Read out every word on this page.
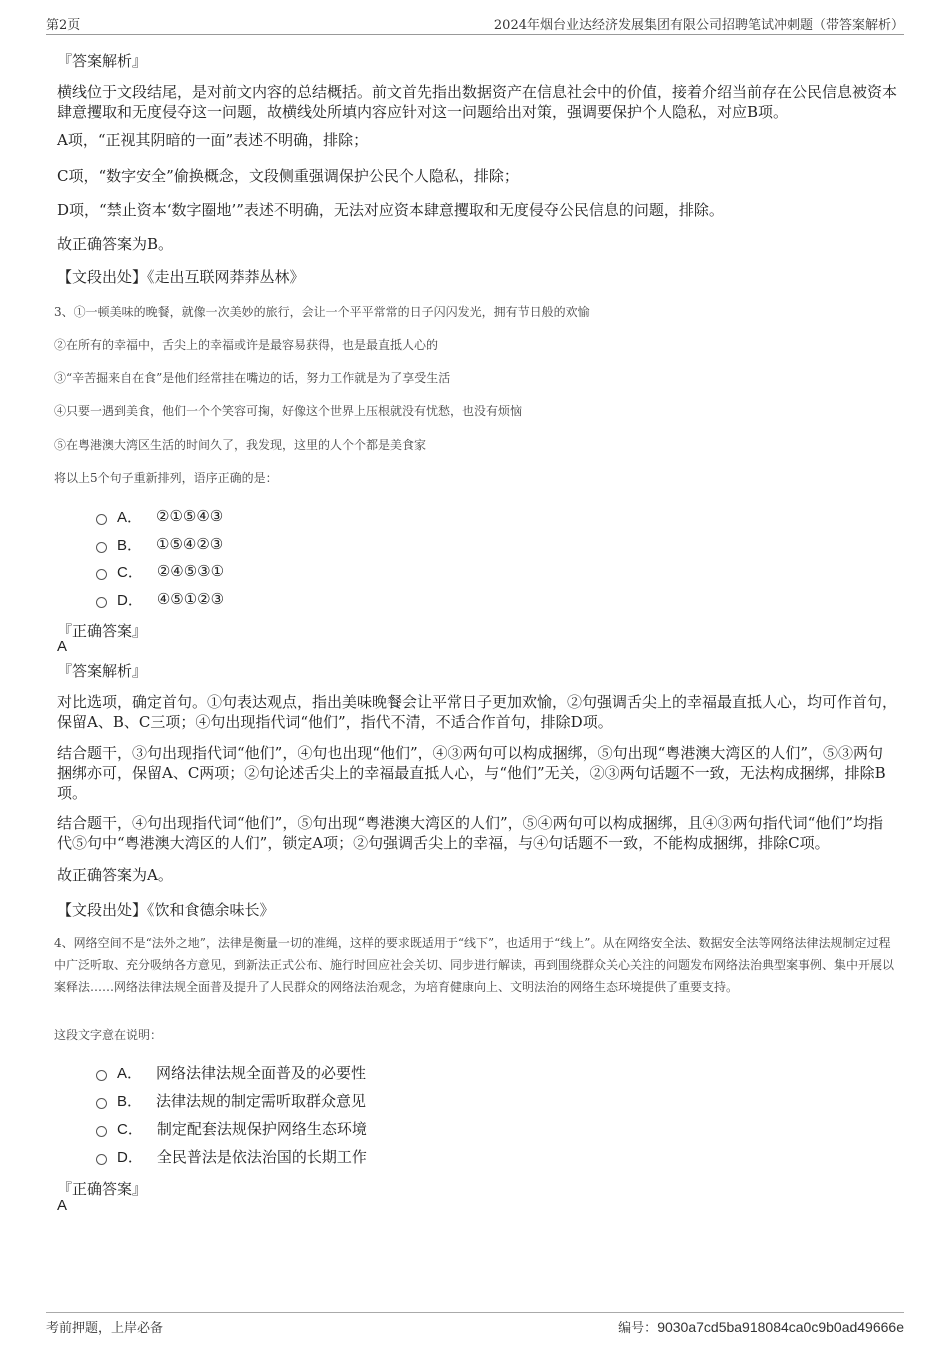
第2页	2024年烟台业达经济发展集团有限公司招聘笔试冲刺题（带答案解析）
『答案解析』
横线位于文段结尾，是对前文内容的总结概括。前文首先指出数据资产在信息社会中的价值，接着介绍当前存在公民信息被资本肆意攫取和无度侵夺这一问题，故横线处所填内容应针对这一问题给出对策，强调要保护个人隐私，对应B项。
A项，“正视其阴暗的一面”表述不明确，排除；
C项，“数字安全”偷换概念，文段侧重强调保护公民个人隐私，排除；
D项，“禁止资本‘数字圈地’”表述不明确，无法对应资本肆意攫取和无度侵夺公民信息的问题，排除。
故正确答案为B。
【文段出处】《走出互联网莽莽丛林》
3、①一顿美味的晚餐，就像一次美妙的旅行，会让一个平平常常的日子闪闪发光，拥有节日般的欢愉
②在所有的幸福中，舌尖上的幸福或许是最容易获得，也是最直抵人心的
③“辛苦掘来自在食”是他们经常挂在嘴边的话，努力工作就是为了享受生活
④只要一遇到美食，他们一个个笑容可掬，好像这个世界上压根就没有忧愁，也没有烦恼
⑤在粤港澳大湾区生活的时间久了，我发现，这里的人个个都是美食家
将以上5个句子重新排列，语序正确的是：
A． ②①⑤④③
B． ①⑤④②③
C． ②④⑤③①
D． ④⑤①②③
『正确答案』
A
『答案解析』
对比选项，确定首句。①句表达观点，指出美味晚餐会让平常日子更加欢愉，②句强调舌尖上的幸福最直抵人心，均可作首句，保留A、B、C三项；④句出现指代词“他们”，指代不清，不适合作首句，排除D项。
结合题干，③句出现指代词“他们”，④句也出现“他们”，④③两句可以构成捆绑，⑤句出现“粤港澳大湾区的人们”，⑤③两句捆绑亦可，保留A、C两项；②句论述舌尖上的幸福最直抵人心，与“他们”无关，②③两句话题不一致，无法构成捆绑，排除B项。
结合题干，④句出现指代词“他们”，⑤句出现“粤港澳大湾区的人们”，⑤④两句可以构成捆绑，且④③两句指代词“他们”均指代⑤句中“粤港澳大湾区的人们”，锁定A项；②句强调舌尖上的幸福，与④句话题不一致，不能构成捆绑，排除C项。
故正确答案为A。
【文段出处】《饮和食德余味长》
4、网络空间不是“法外之地”，法律是衡量一切的准绳，这样的要求既适用于“线下”，也适用于“线上”。从在网络安全法、数据安全法等网络法律法规制定过程中广泛听取、充分吸纳各方意见，到新法正式公布、施行时回应社会关切、同步进行解读，再到围绕群众关心关注的问题发布网络法治典型案事例、集中开展以案释法……网络法律法规全面普及提升了人民群众的网络法治观念，为培育健康向上、文明法治的网络生态环境提供了重要支持。
这段文字意在说明：
A． 网络法律法规全面普及的必要性
B． 法律法规的制定需听取群众意见
C． 制定配套法规保护网络生态环境
D． 全民普法是依法治国的长期工作
『正确答案』
A
考前押题，上岸必备	编号：9030a7cd5ba918084ca0c9b0ad49666e
